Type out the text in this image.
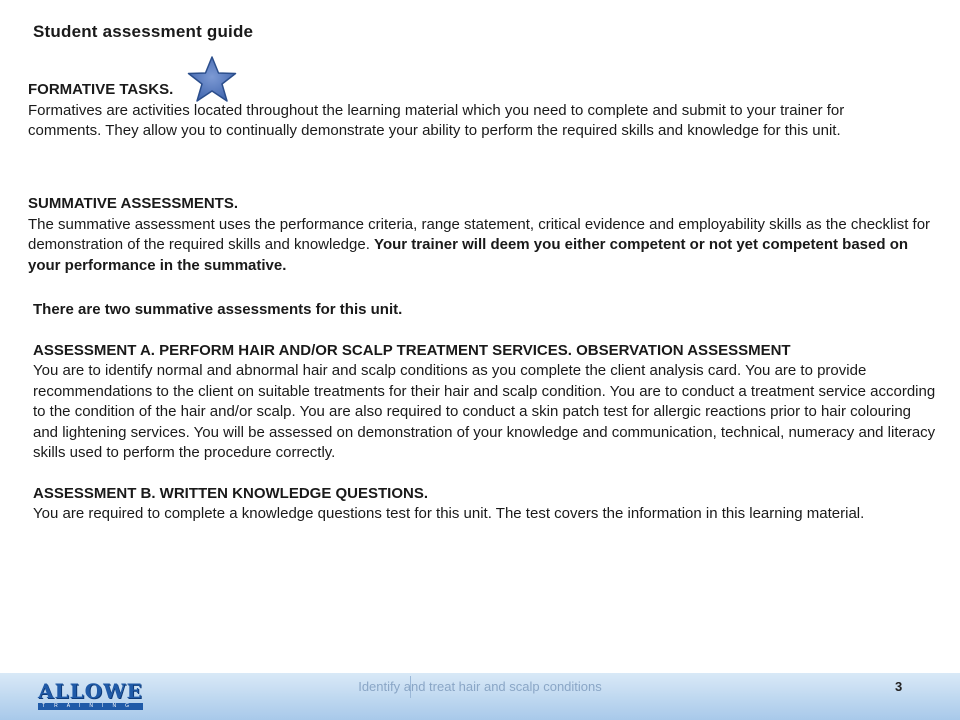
Student assessment guide

FORMATIVE TASKS.

Formatives are activities located throughout the learning material which you need to complete and submit to your trainer for comments. They allow you to continually demonstrate your ability to perform the required skills and knowledge for this unit.

SUMMATIVE ASSESSMENTS.

The summative assessment uses the performance criteria, range statement, critical evidence and employability skills as the checklist for demonstration of the required skills and knowledge. Your trainer will deem you either competent or not yet competent based on your performance in the summative.

There are two summative assessments for this unit.

ASSESSMENT A. PERFORM HAIR AND/OR SCALP TREATMENT SERVICES. OBSERVATION ASSESSMENT

You are to identify normal and abnormal hair and scalp conditions as you complete the client analysis card. You are to provide recommendations to the client on suitable treatments for their hair and scalp condition. You are to conduct a treatment service according to the condition of the hair and/or scalp. You are also required to conduct a skin patch test for allergic reactions prior to hair colouring and lightening services. You will be assessed on demonstration of your knowledge and communication, technical, numeracy and literacy skills used to perform the procedure correctly.

ASSESSMENT B. WRITTEN KNOWLEDGE QUESTIONS.

You are required to complete a knowledge questions test for this unit. The test covers the information in this learning material.

ALLOWE
T R A I N I N G
Identify and treat hair and scalp conditions	3
